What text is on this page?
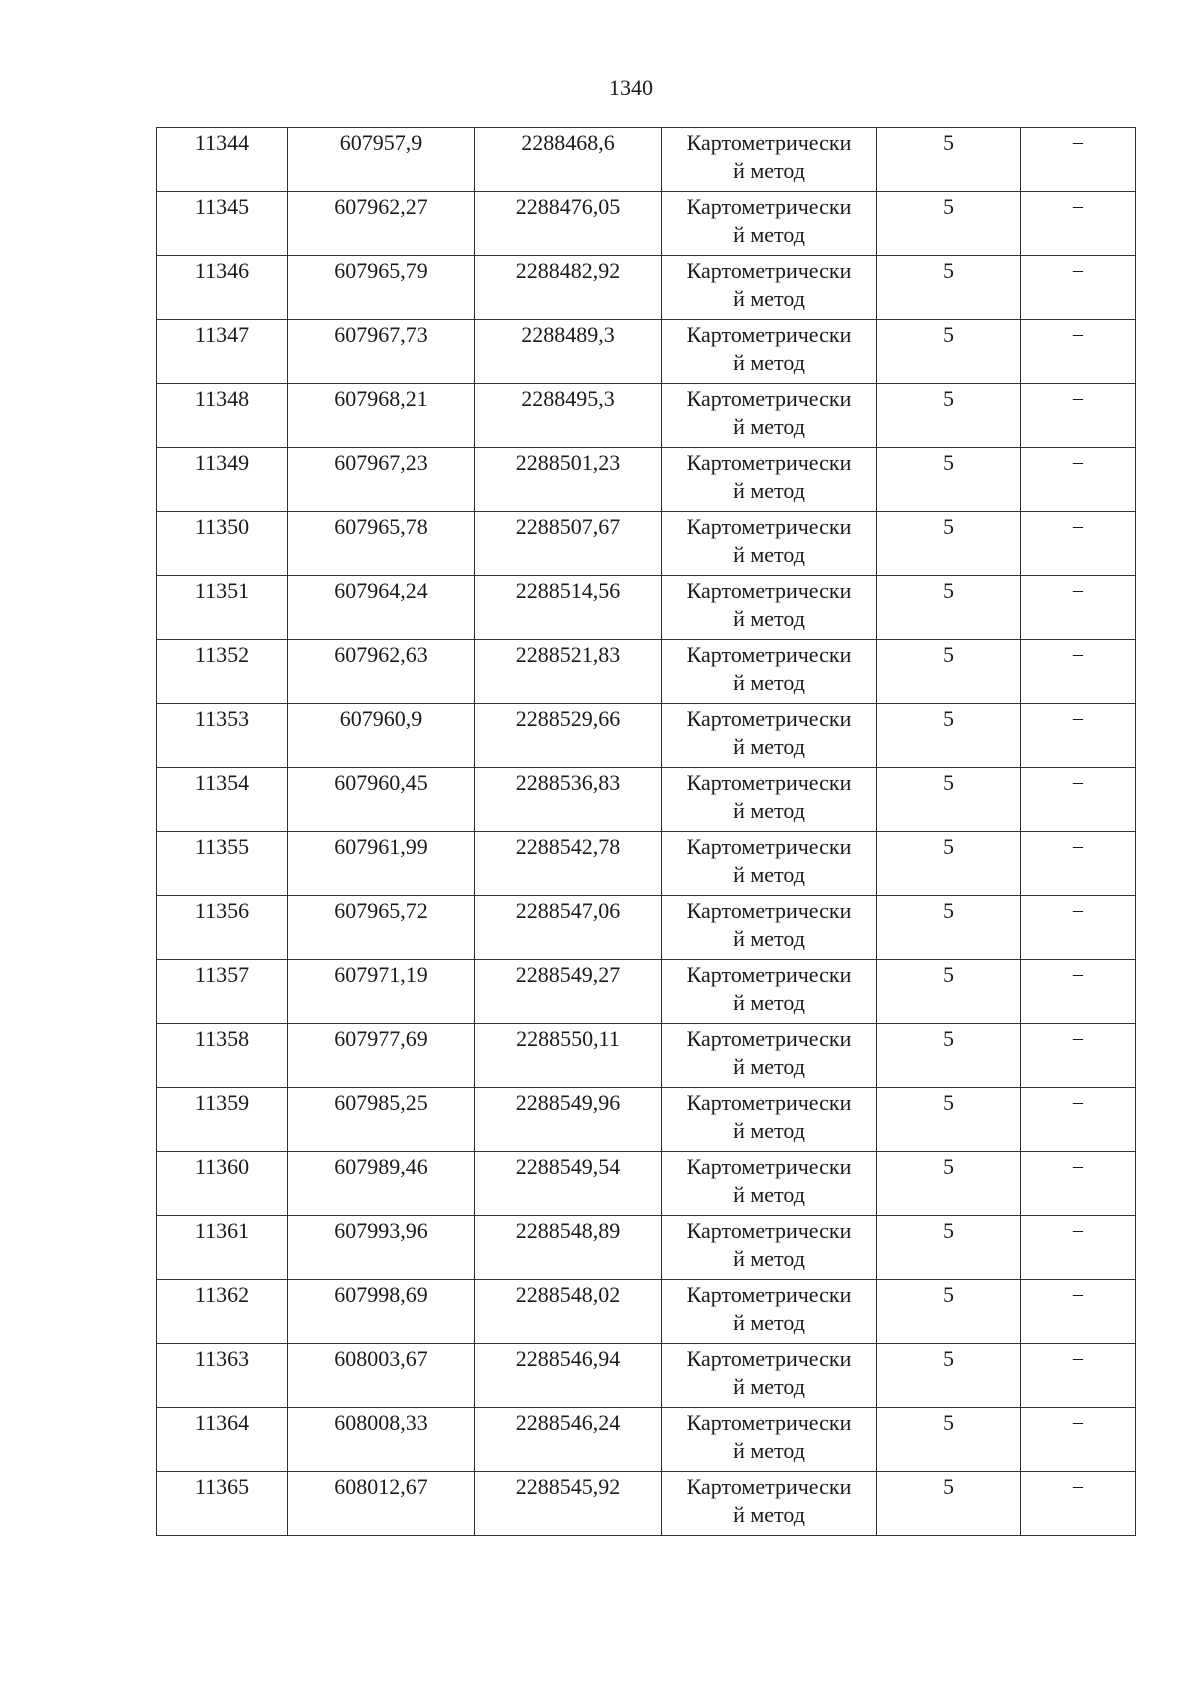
1340
11344	607957,9	2288468,6	Картометрически
й метод	5	–

11345	607962,27	2288476,05	Картометрически
й метод	5	–

11346	607965,79	2288482,92	Картометрически
й метод	5	–

11347	607967,73	2288489,3	Картометрически
й метод	5	–

11348	607968,21	2288495,3	Картометрически
й метод	5	–

11349	607967,23	2288501,23	Картометрически
й метод	5	–

11350	607965,78	2288507,67	Картометрически
й метод	5	–

11351	607964,24	2288514,56	Картометрически
й метод	5	–

11352	607962,63	2288521,83	Картометрически
й метод	5	–

11353	607960,9	2288529,66	Картометрически
й метод	5	–

11354	607960,45	2288536,83	Картометрически
й метод	5	–

11355	607961,99	2288542,78	Картометрически
й метод	5	–

11356	607965,72	2288547,06	Картометрически
й метод	5	–

11357	607971,19	2288549,27	Картометрически
й метод	5	–

11358	607977,69	2288550,11	Картометрически
й метод	5	–

11359	607985,25	2288549,96	Картометрически
й метод	5	–

11360	607989,46	2288549,54	Картометрически
й метод	5	–

11361	607993,96	2288548,89	Картометрически
й метод	5	–

11362	607998,69	2288548,02	Картометрически
й метод	5	–

11363	608003,67	2288546,94	Картометрически
й метод	5	–

11364	608008,33	2288546,24	Картометрически
й метод	5	–

11365	608012,67	2288545,92	Картометрически
й метод	5	–
